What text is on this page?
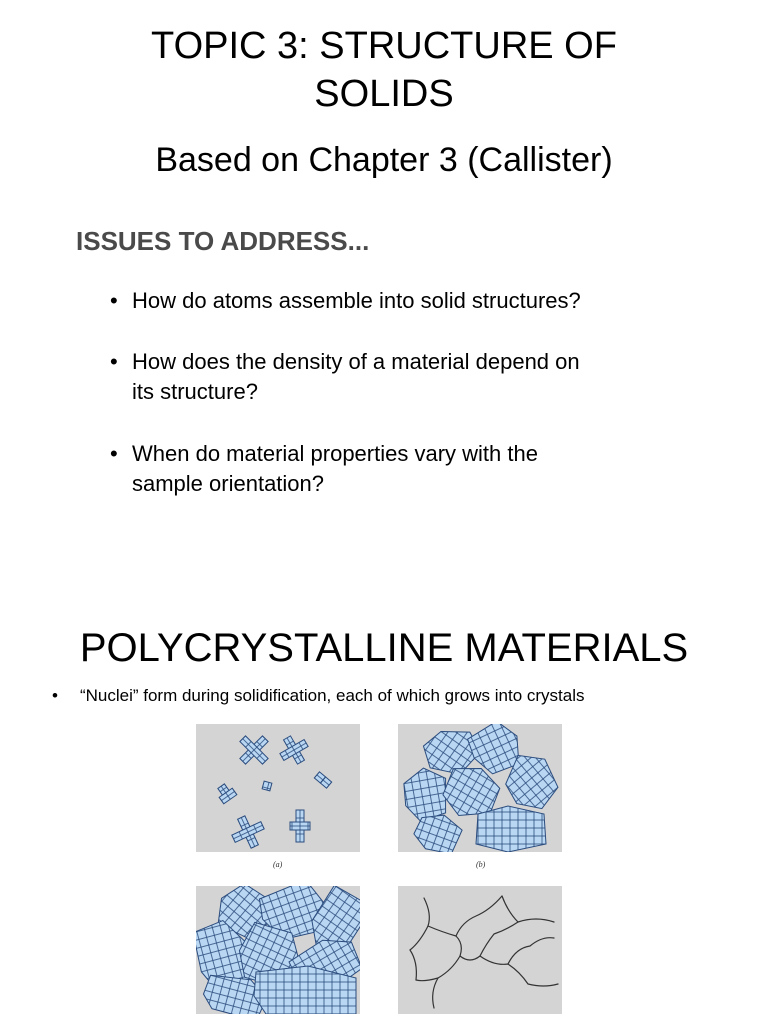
TOPIC 3: STRUCTURE OF
SOLIDS
Based on Chapter 3 (Callister)
ISSUES TO ADDRESS...
• How do atoms assemble into solid structures?
• How does the density of a material depend on
its structure?
• When do material properties vary with the
sample orientation?
POLYCRYSTALLINE MATERIALS
• “Nuclei” form during solidification, each of which grows into crystals
(a)	(b)
